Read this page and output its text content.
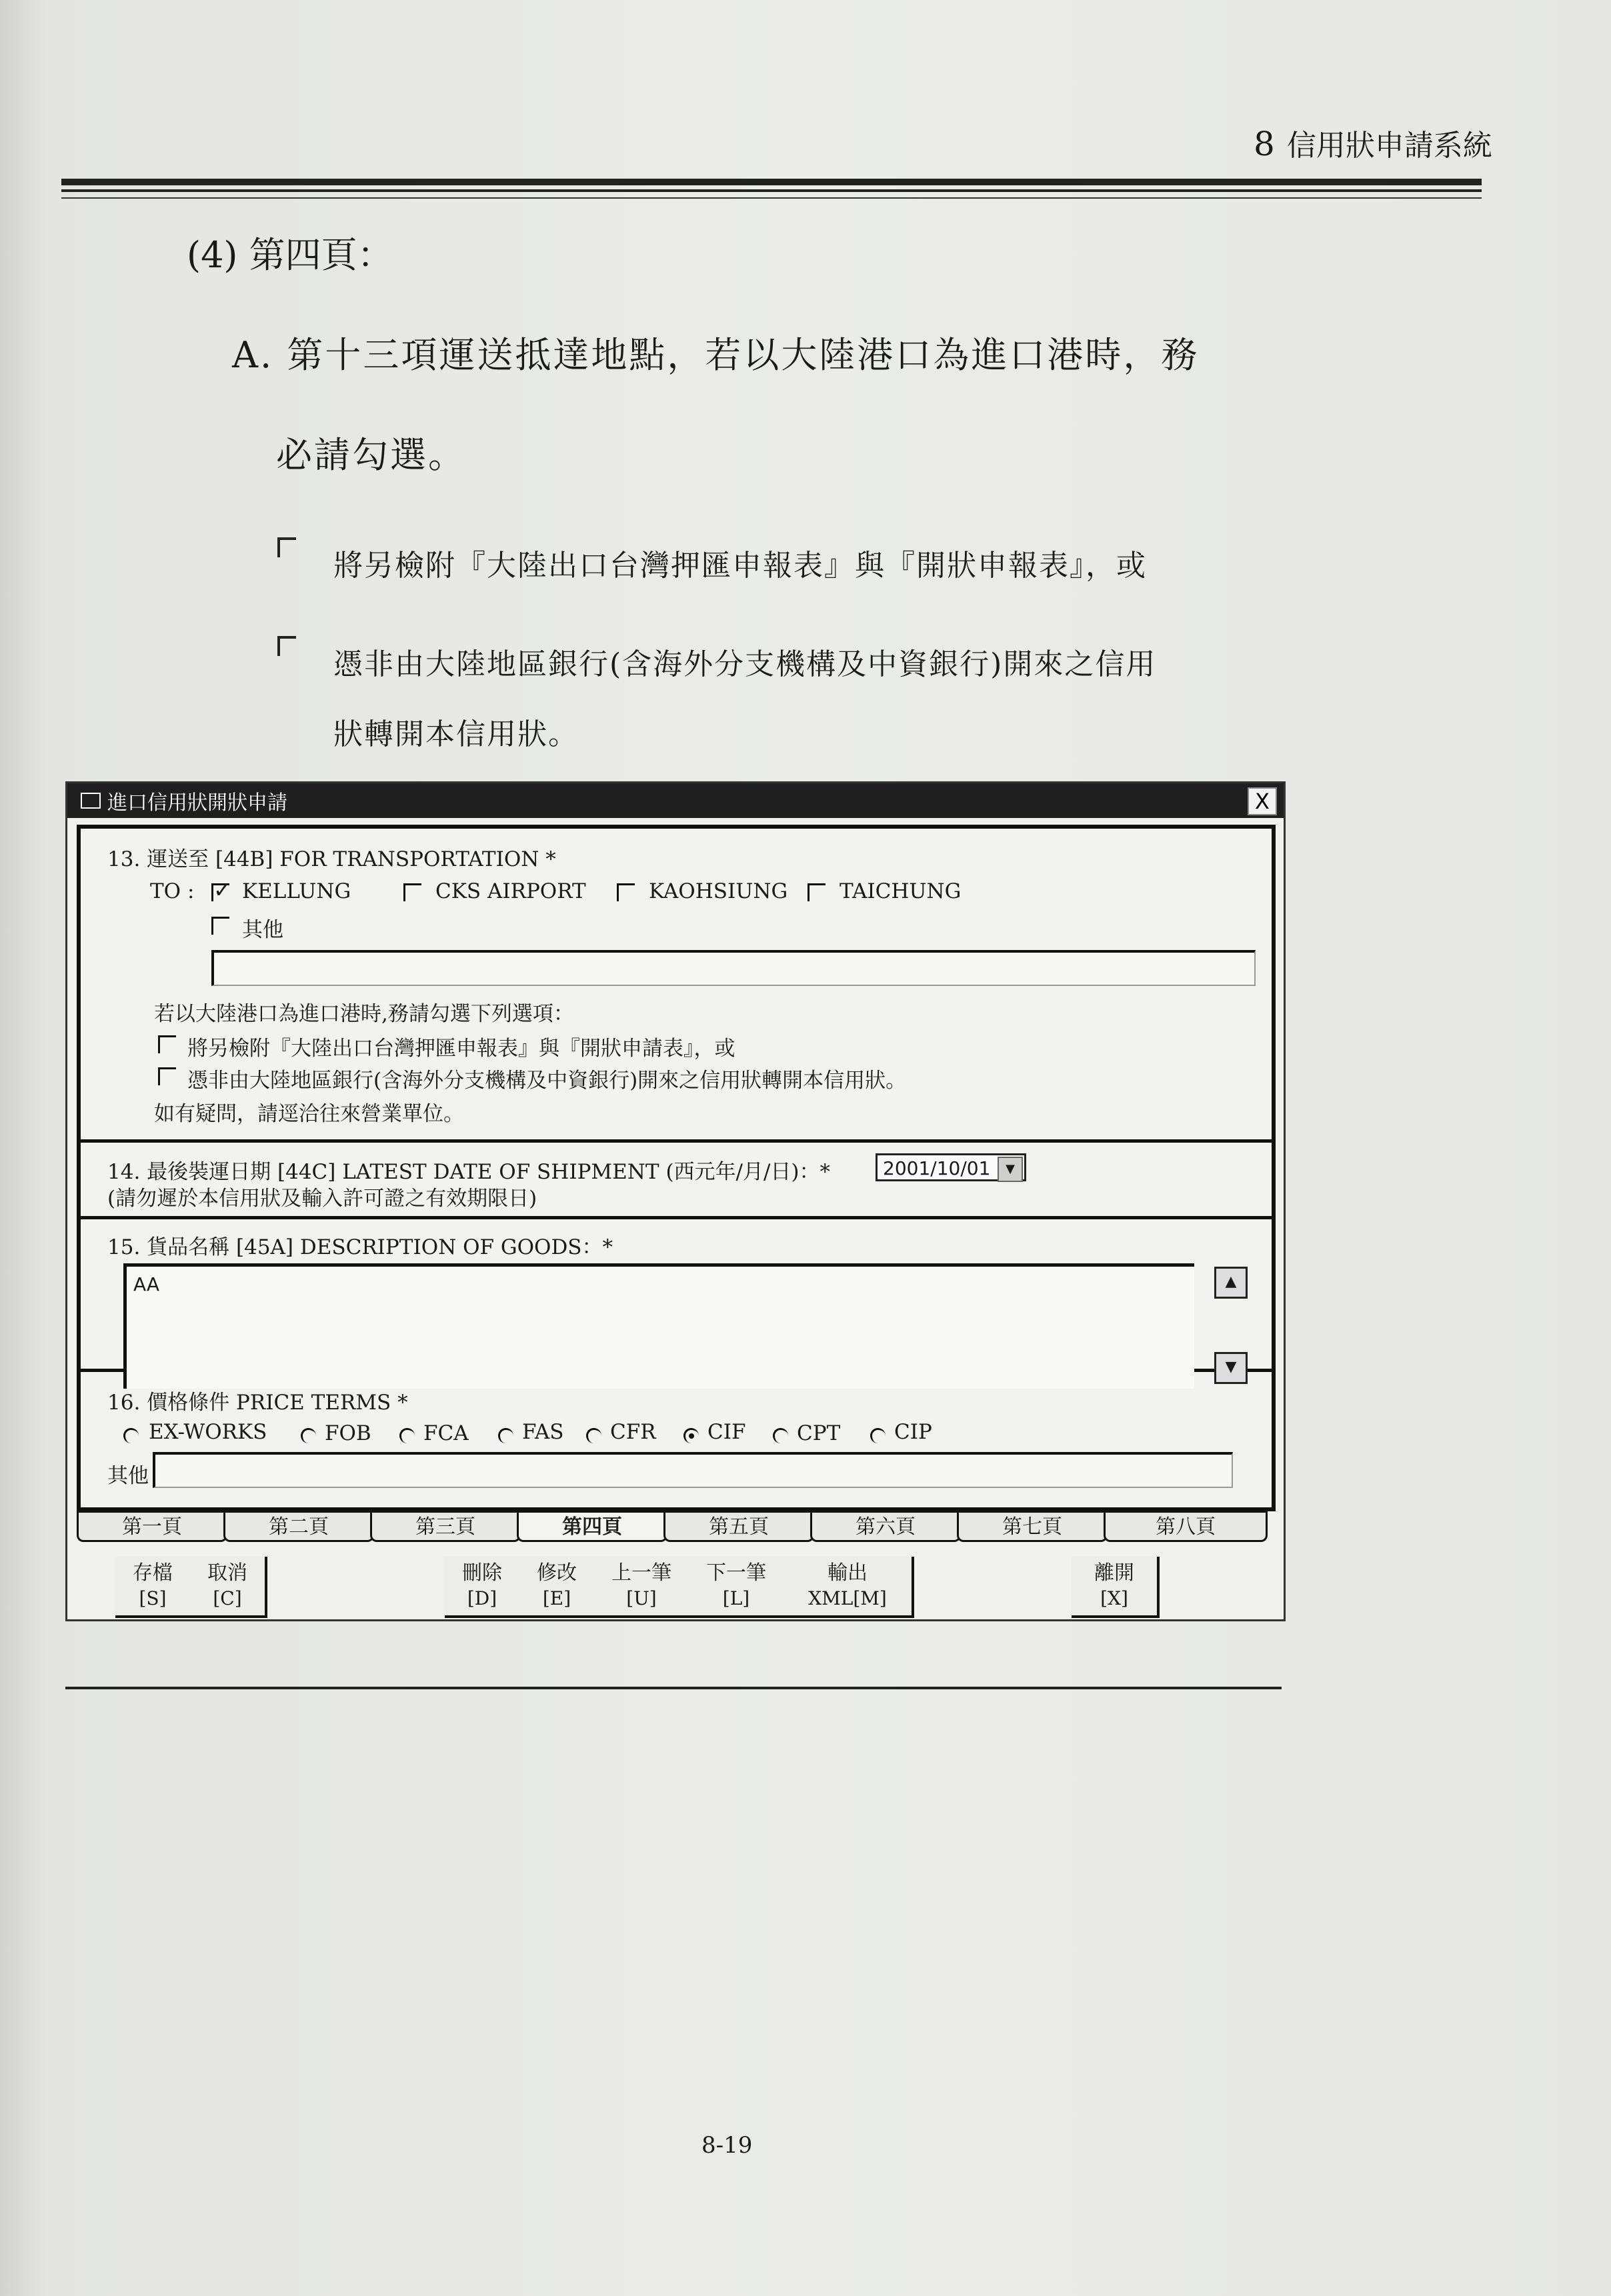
8 信用狀申請系統
(4) 第四頁：
A. 第十三項運送抵達地點，若以大陸港口為進口港時，務
必請勾選。
將另檢附『大陸出口台灣押匯申報表』與『開狀申報表』，或
憑非由大陸地區銀行(含海外分支機構及中資銀行)開來之信用
狀轉開本信用狀。
進口信用狀開狀申請	X
13. 運送至 [44B] FOR TRANSPORTATION *
TO :
✓ KELLUNG	CKS AIRPORT	KAOHSIUNG	TAICHUNG
其他
若以大陸港口為進口港時,務請勾選下列選項：
將另檢附『大陸出口台灣押匯申報表』與『開狀申請表』，或
憑非由大陸地區銀行(含海外分支機構及中資銀行)開來之信用狀轉開本信用狀。
如有疑問，請逕洽往來營業單位。
14. 最後裝運日期 [44C] LATEST DATE OF SHIPMENT (西元年/月/日)：*	2001/10/01	▼
(請勿遲於本信用狀及輸入許可證之有效期限日)
15. 貨品名稱 [45A] DESCRIPTION OF GOODS：*
AA	▲
▼
16. 價格條件 PRICE TERMS *
EX-WORKS	FOB	FCA	FAS CFR CIF CPT	CIP
其他
第一頁	第二頁	第三頁	第四頁	第五頁	第六頁	第七頁	第八頁
存檔
[S]
取消
[C]
刪除
[D]
修改
[E]
上一筆
[U]
下一筆
[L]
輸出
XML[M]
離開
[X]
8-19
